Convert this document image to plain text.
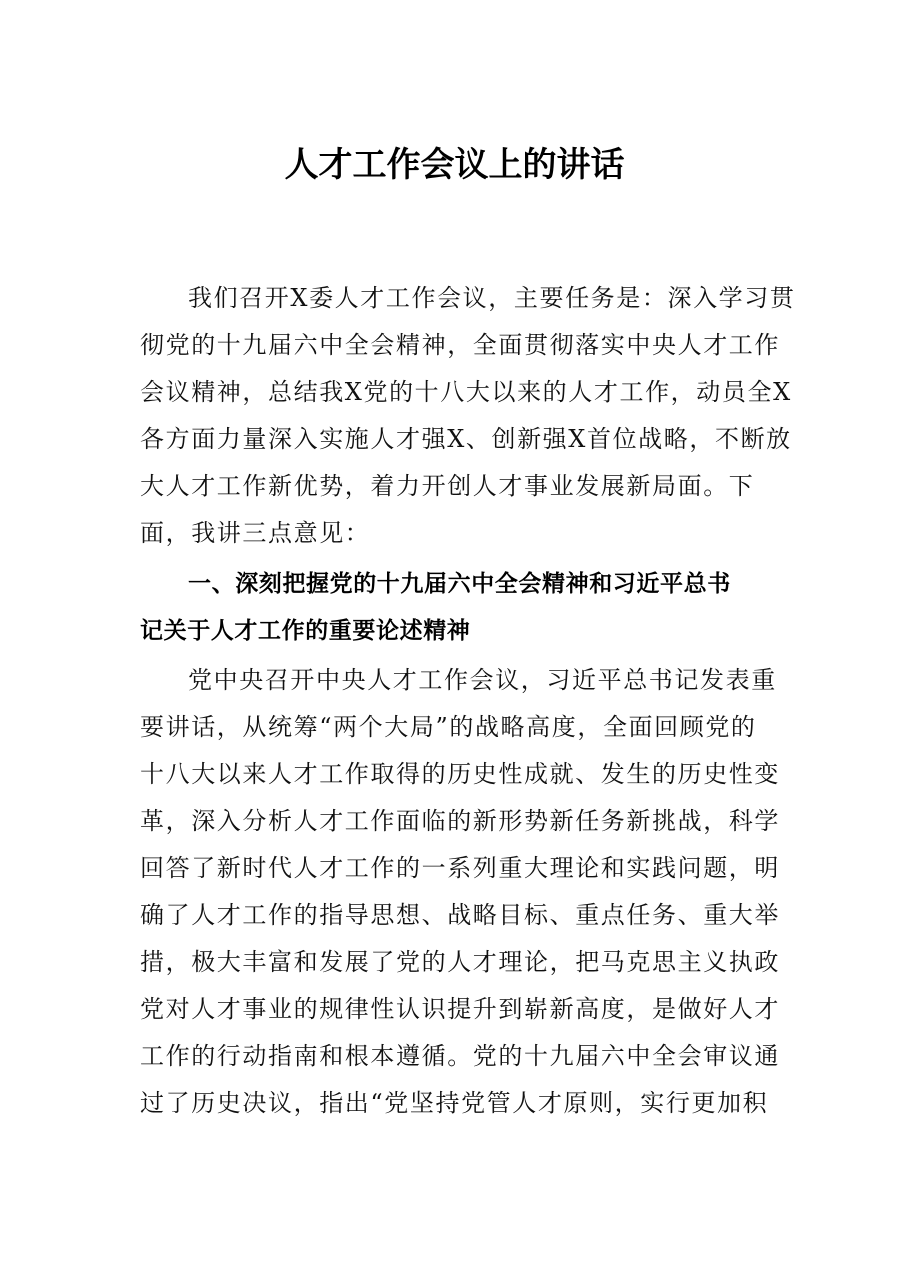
人才工作会议上的讲话
我们召开X委人才工作会议，主要任务是：深入学习贯
彻党的十九届六中全会精神，全面贯彻落实中央人才工作
会议精神，总结我X党的十八大以来的人才工作，动员全X
各方面力量深入实施人才强X、创新强X首位战略，不断放
大人才工作新优势，着力开创人才事业发展新局面。下
面，我讲三点意见：
一、深刻把握党的十九届六中全会精神和习近平总书
记关于人才工作的重要论述精神
党中央召开中央人才工作会议，习近平总书记发表重
要讲话，从统筹“两个大局”的战略高度，全面回顾党的
十八大以来人才工作取得的历史性成就、发生的历史性变
革，深入分析人才工作面临的新形势新任务新挑战，科学
回答了新时代人才工作的一系列重大理论和实践问题，明
确了人才工作的指导思想、战略目标、重点任务、重大举
措，极大丰富和发展了党的人才理论，把马克思主义执政
党对人才事业的规律性认识提升到崭新高度，是做好人才
工作的行动指南和根本遵循。党的十九届六中全会审议通
过了历史决议，指出“党坚持党管人才原则，实行更加积
